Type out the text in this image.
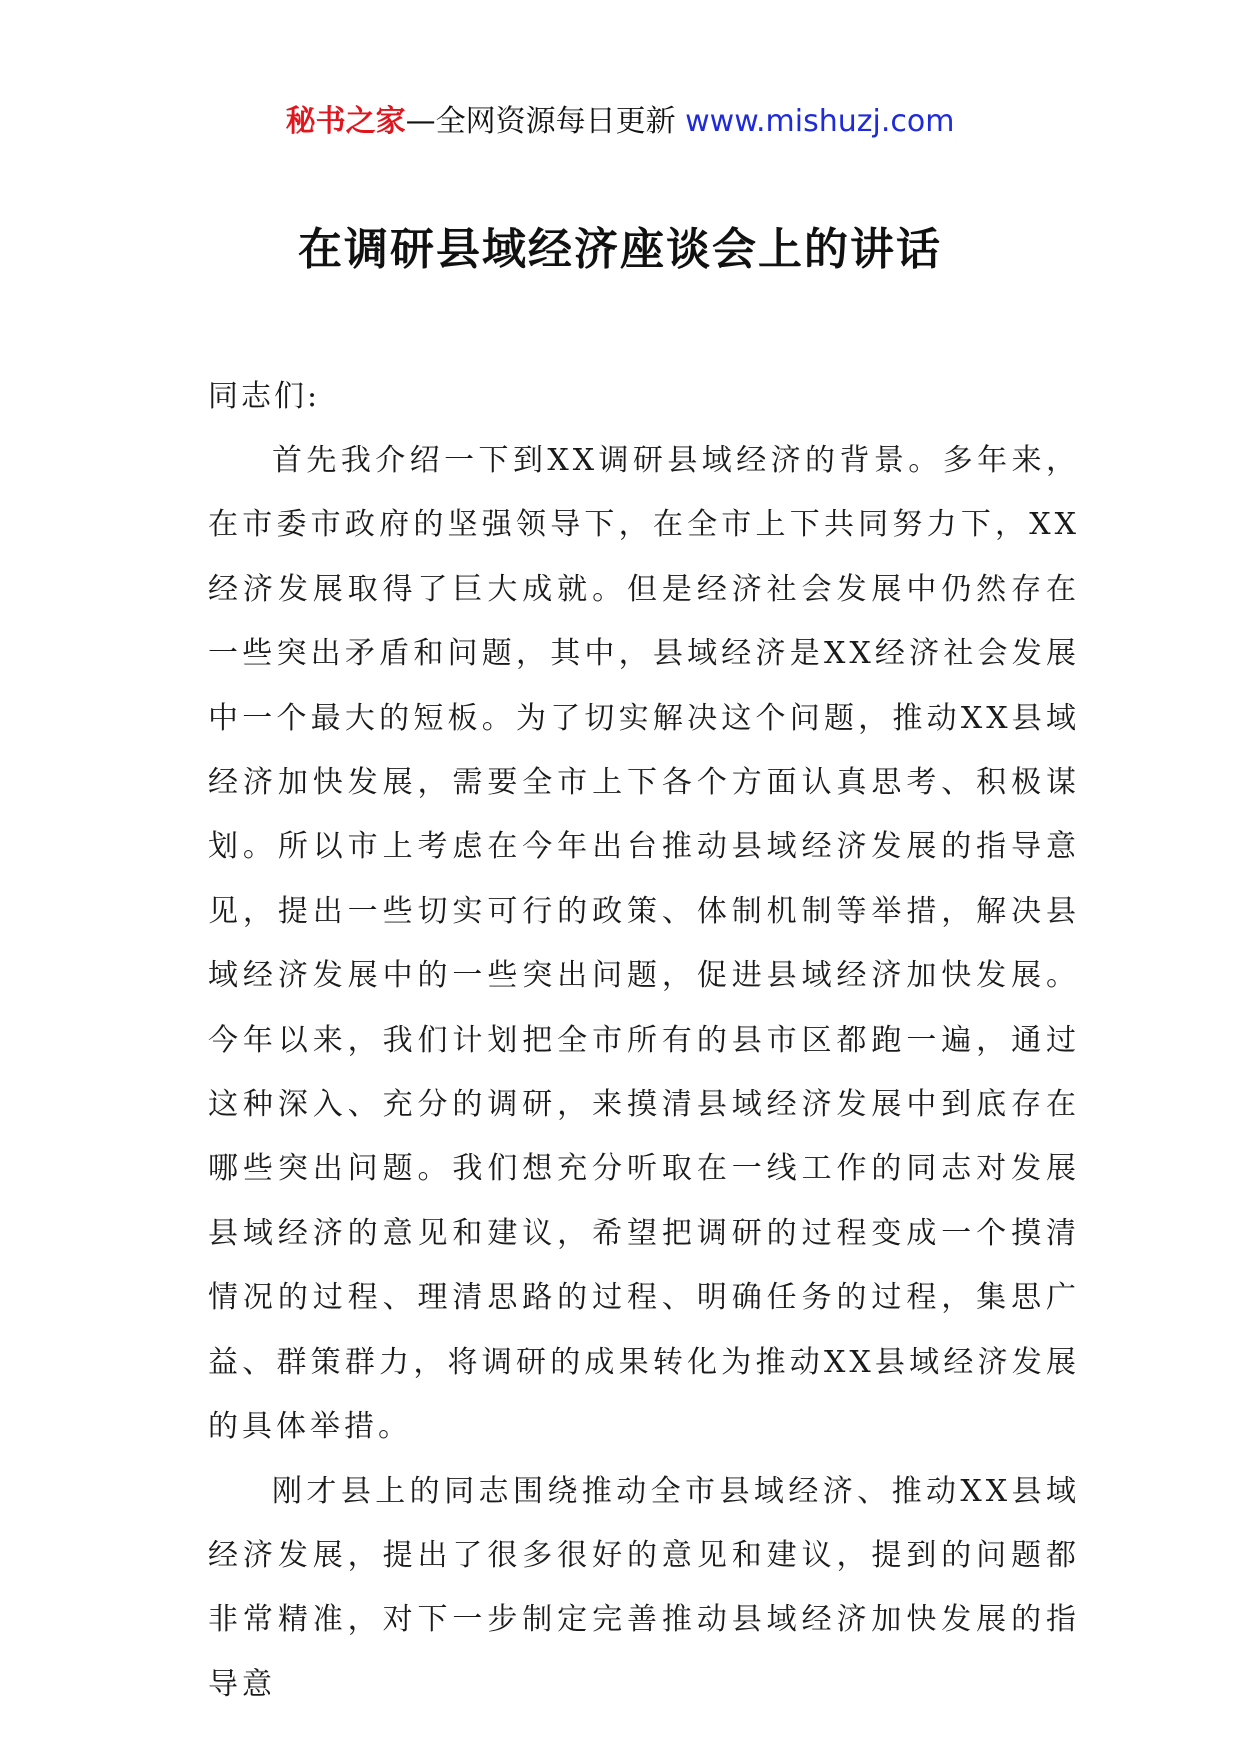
秘书之家—全网资源每日更新 www.mishuzj.com
在调研县域经济座谈会上的讲话

同志们:

首先我介绍一下到XX调研县域经济的背景。多年来，在市委市政府的坚强领导下，在全市上下共同努力下，XX经济发展取得了巨大成就。但是经济社会发展中仍然存在一些突出矛盾和问题，其中，县域经济是XX经济社会发展中一个最大的短板。为了切实解决这个问题，推动XX县域经济加快发展，需要全市上下各个方面认真思考、积极谋划。所以市上考虑在今年出台推动县域经济发展的指导意见，提出一些切实可行的政策、体制机制等举措，解决县域经济发展中的一些突出问题，促进县域经济加快发展。今年以来，我们计划把全市所有的县市区都跑一遍，通过这种深入、充分的调研，来摸清县域经济发展中到底存在哪些突出问题。我们想充分听取在一线工作的同志对发展县域经济的意见和建议，希望把调研的过程变成一个摸清情况的过程、理清思路的过程、明确任务的过程，集思广益、群策群力，将调研的成果转化为推动XX县域经济发展的具体举措。

刚才县上的同志围绕推动全市县域经济、推动XX县域经济发展，提出了很多很好的意见和建议，提到的问题都非常精准，对下一步制定完善推动县域经济加快发展的指导意
